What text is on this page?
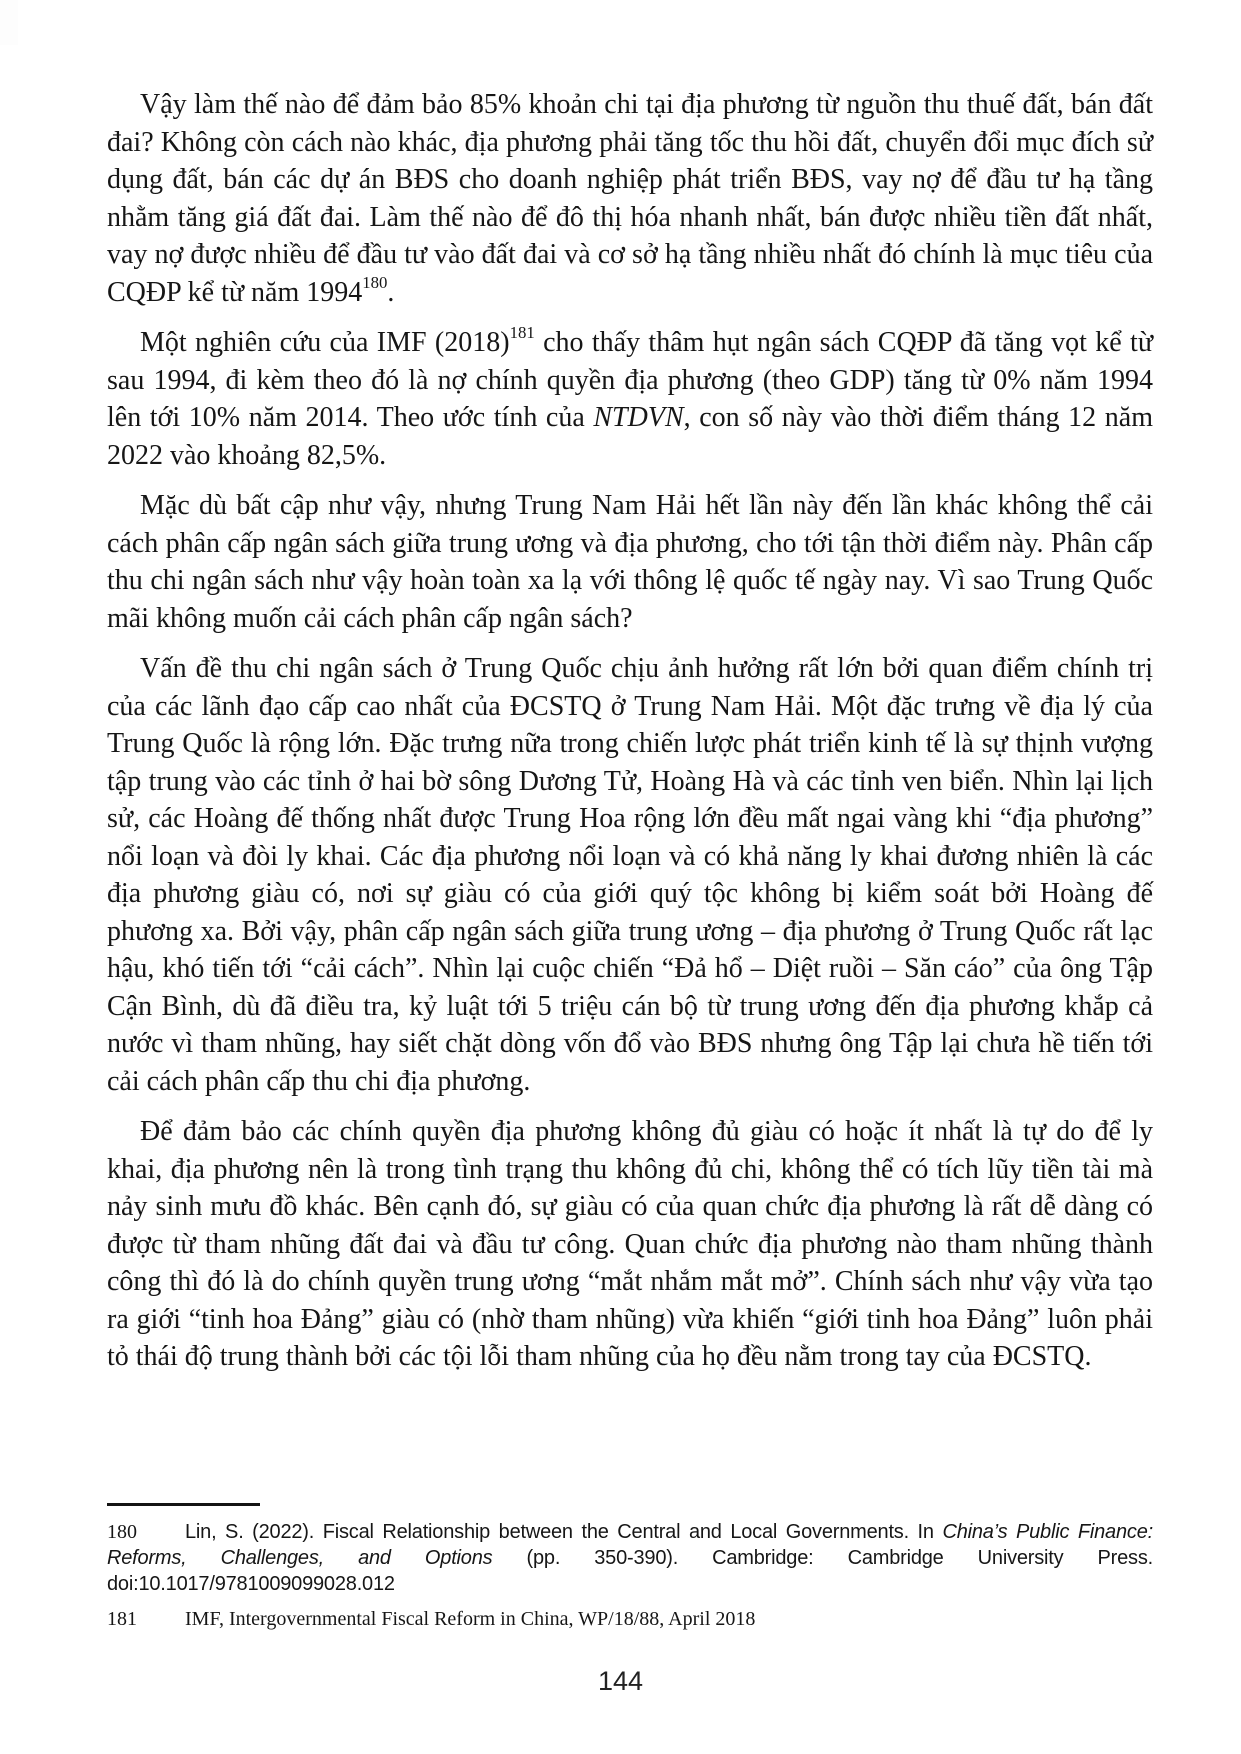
Vậy làm thế nào để đảm bảo 85% khoản chi tại địa phương từ nguồn thu thuế đất, bán đất đai? Không còn cách nào khác, địa phương phải tăng tốc thu hồi đất, chuyển đổi mục đích sử dụng đất, bán các dự án BĐS cho doanh nghiệp phát triển BĐS, vay nợ để đầu tư hạ tầng nhằm tăng giá đất đai. Làm thế nào để đô thị hóa nhanh nhất, bán được nhiều tiền đất nhất, vay nợ được nhiều để đầu tư vào đất đai và cơ sở hạ tầng nhiều nhất đó chính là mục tiêu của CQĐP kể từ năm 1994$^{180}$.

Một nghiên cứu của IMF $(2018)^{181}$ cho thấy thâm hụt ngân sách CQĐP đã tăng vọt kể từ sau 1994, đi kèm theo đó là nợ chính quyền địa phương (theo GDP) tăng từ 0% năm 1994 lên tới 10% năm 2014. Theo ước tính của NTDVN, con số này vào thời điểm tháng 12 năm 2022 vào khoảng 82,5%.

Mặc dù bất cập như vậy, nhưng Trung Nam Hải hết lần này đến lần khác không thể cải cách phân cấp ngân sách giữa trung ương và địa phương, cho tới tận thời điểm này. Phân cấp thu chi ngân sách như vậy hoàn toàn xa lạ với thông lệ quốc tế ngày nay. Vì sao Trung Quốc mãi không muốn cải cách phân cấp ngân sách?

Vấn đề thu chi ngân sách ở Trung Quốc chịu ảnh hưởng rất lớn bởi quan điểm chính trị của các lãnh đạo cấp cao nhất của ĐCSTQ ở Trung Nam Hải. Một đặc trưng về địa lý của Trung Quốc là rộng lớn. Đặc trưng nữa trong chiến lược phát triển kinh tế là sự thịnh vượng tập trung vào các tỉnh ở hai bờ sông Dương Tử, Hoàng Hà và các tỉnh ven biển. Nhìn lại lịch sử, các Hoàng đế thống nhất được Trung Hoa rộng lớn đều mất ngai vàng khi “địa phương” nổi loạn và đòi ly khai. Các địa phương nổi loạn và có khả năng ly khai đương nhiên là các địa phương giàu có, nơi sự giàu có của giới quý tộc không bị kiểm soát bởi Hoàng đế phương xa. Bởi vậy, phân cấp ngân sách giữa trung ương – địa phương ở Trung Quốc rất lạc hậu, khó tiến tới “cải cách”. Nhìn lại cuộc chiến “Đả hổ – Diệt ruồi – Săn cáo” của ông Tập Cận Bình, dù đã điều tra, kỷ luật tới 5 triệu cán bộ từ trung ương đến địa phương khắp cả nước vì tham nhũng, hay siết chặt dòng vốn đổ vào BĐS nhưng ông Tập lại chưa hề tiến tới cải cách phân cấp thu chi địa phương.

Để đảm bảo các chính quyền địa phương không đủ giàu có hoặc ít nhất là tự do để ly khai, địa phương nên là trong tình trạng thu không đủ chi, không thể có tích lũy tiền tài mà nảy sinh mưu đồ khác. Bên cạnh đó, sự giàu có của quan chức địa phương là rất dễ dàng có được từ tham nhũng đất đai và đầu tư công. Quan chức địa phương nào tham nhũng thành công thì đó là do chính quyền trung ương “mắt nhắm mắt mở”. Chính sách như vậy vừa tạo ra giới “tinh hoa Đảng” giàu có (nhờ tham nhũng) vừa khiến “giới tinh hoa Đảng” luôn phải tỏ thái độ trung thành bởi các tội lỗi tham nhũng của họ đều nằm trong tay của ĐCSTQ.

180 Lin, S. (2022). Fiscal Relationship between the Central and Local Governments. In China’s Public Finance: Reforms, Challenges, and Options (pp. 350-390). Cambridge: Cambridge University Press. doi:10.1017/9781009099028.012
181 IMF, Intergovernmental Fiscal Reform in China, WP/18/88, April 2018
144
